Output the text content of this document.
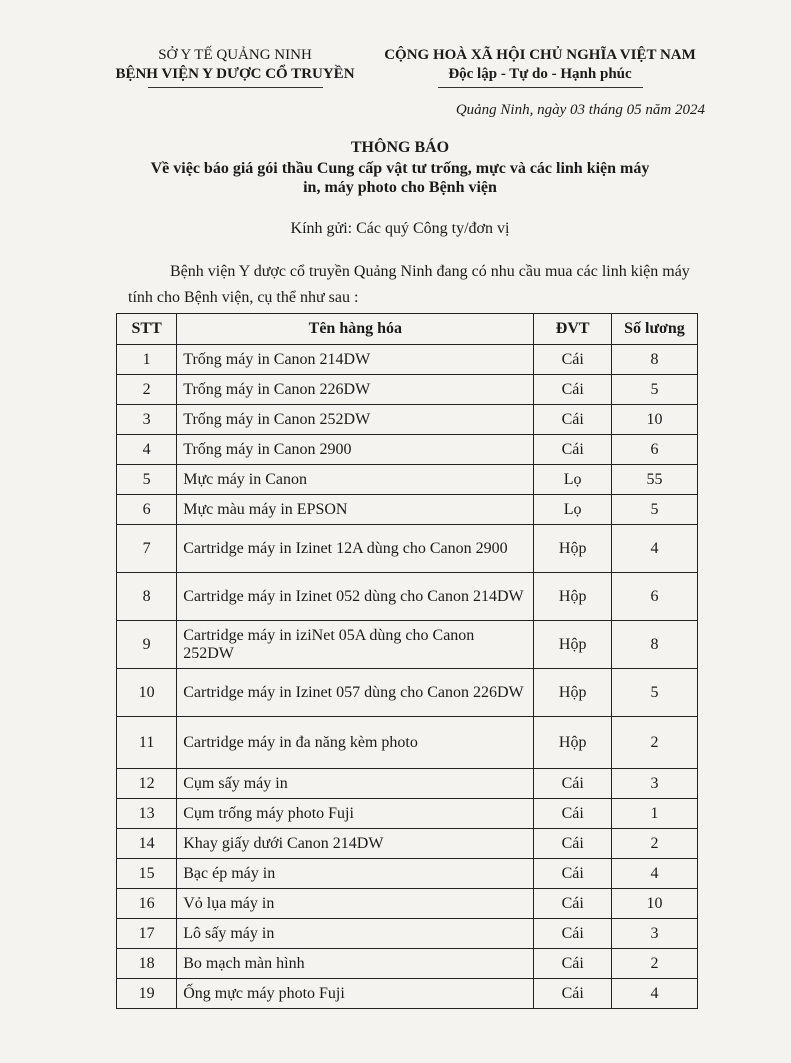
SỞ Y TẾ QUẢNG NINH
BỆNH VIỆN Y DƯỢC CỔ TRUYỀN
CỘNG HOÀ XÃ HỘI CHỦ NGHĨA VIỆT NAM
Độc lập - Tự do - Hạnh phúc
Quảng Ninh, ngày 03 tháng 05 năm 2024
THÔNG BÁO
Về việc báo giá gói thầu Cung cấp vật tư trống, mực và các linh kiện máy
in, máy photo cho Bệnh viện
Kính gửi: Các quý Công ty/đơn vị
Bệnh viện Y dược cổ truyền Quảng Ninh đang có nhu cầu mua các linh kiện máy tính cho Bệnh viện, cụ thể như sau :
STT	Tên hàng hóa	ĐVT	Số lương
1	Trống máy in Canon 214DW	Cái	8
2	Trống máy in Canon 226DW	Cái	5
3	Trống máy in Canon 252DW	Cái	10
4	Trống máy in Canon 2900	Cái	6
5	Mực máy in Canon	Lọ	55
6	Mực màu máy in EPSON	Lọ	5
7	Cartridge máy in Izinet 12A dùng cho Canon 2900	Hộp	4
8	Cartridge máy in Izinet 052 dùng cho Canon 214DW	Hộp	6
9	Cartridge máy in iziNet 05A dùng cho Canon 252DW	Hộp	8
10	Cartridge máy in Izinet 057 dùng cho Canon 226DW	Hộp	5
11	Cartridge máy in đa năng kèm photo	Hộp	2
12	Cụm sấy máy in	Cái	3
13	Cụm trống máy photo Fuji	Cái	1
14	Khay giấy dưới Canon 214DW	Cái	2
15	Bạc ép máy in	Cái	4
16	Vỏ lụa máy in	Cái	10
17	Lô sấy máy in	Cái	3
18	Bo mạch màn hình	Cái	2
19	Ống mực máy photo Fuji	Cái	4
